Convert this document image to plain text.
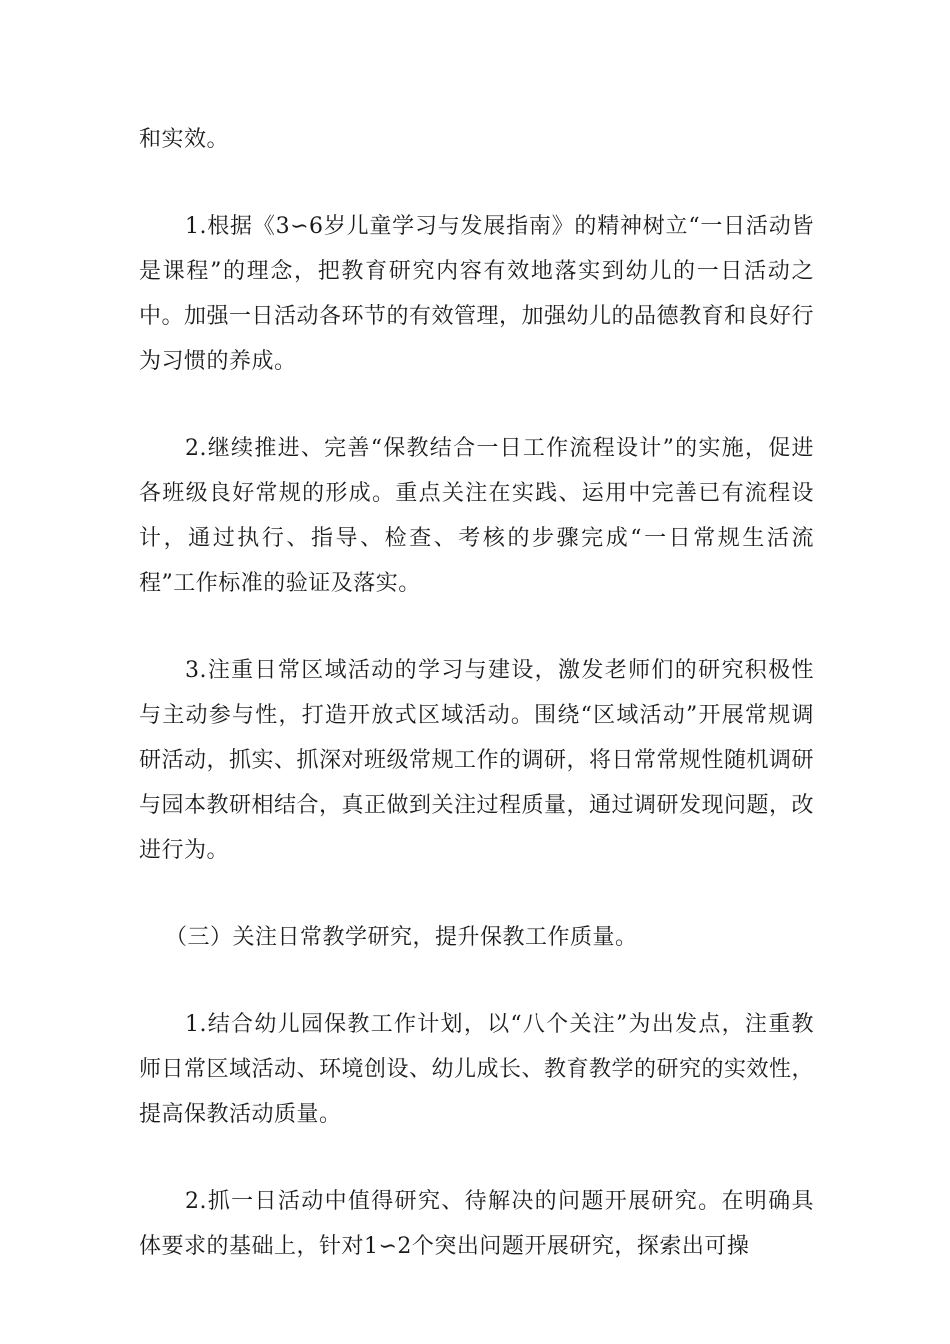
和实效。

1.根据《3∽6岁儿童学习与发展指南》的精神树立“一日活动皆是课程”的理念，把教育研究内容有效地落实到幼儿的一日活动之中。加强一日活动各环节的有效管理，加强幼儿的品德教育和良好行为习惯的养成。

2.继续推进、完善“保教结合一日工作流程设计”的实施，促进各班级良好常规的形成。重点关注在实践、运用中完善已有流程设计，通过执行、指导、检查、考核的步骤完成“一日常规生活流程”工作标准的验证及落实。

3.注重日常区域活动的学习与建设，激发老师们的研究积极性与主动参与性，打造开放式区域活动。围绕“区域活动”开展常规调研活动，抓实、抓深对班级常规工作的调研，将日常常规性随机调研与园本教研相结合，真正做到关注过程质量，通过调研发现问题，改进行为。

（三）关注日常教学研究，提升保教工作质量。

1.结合幼儿园保教工作计划，以“八个关注”为出发点，注重教师日常区域活动、环境创设、幼儿成长、教育教学的研究的实效性，提高保教活动质量。

2.抓一日活动中值得研究、待解决的问题开展研究。在明确具体要求的基础上，针对1∽2个突出问题开展研究，探索出可操
